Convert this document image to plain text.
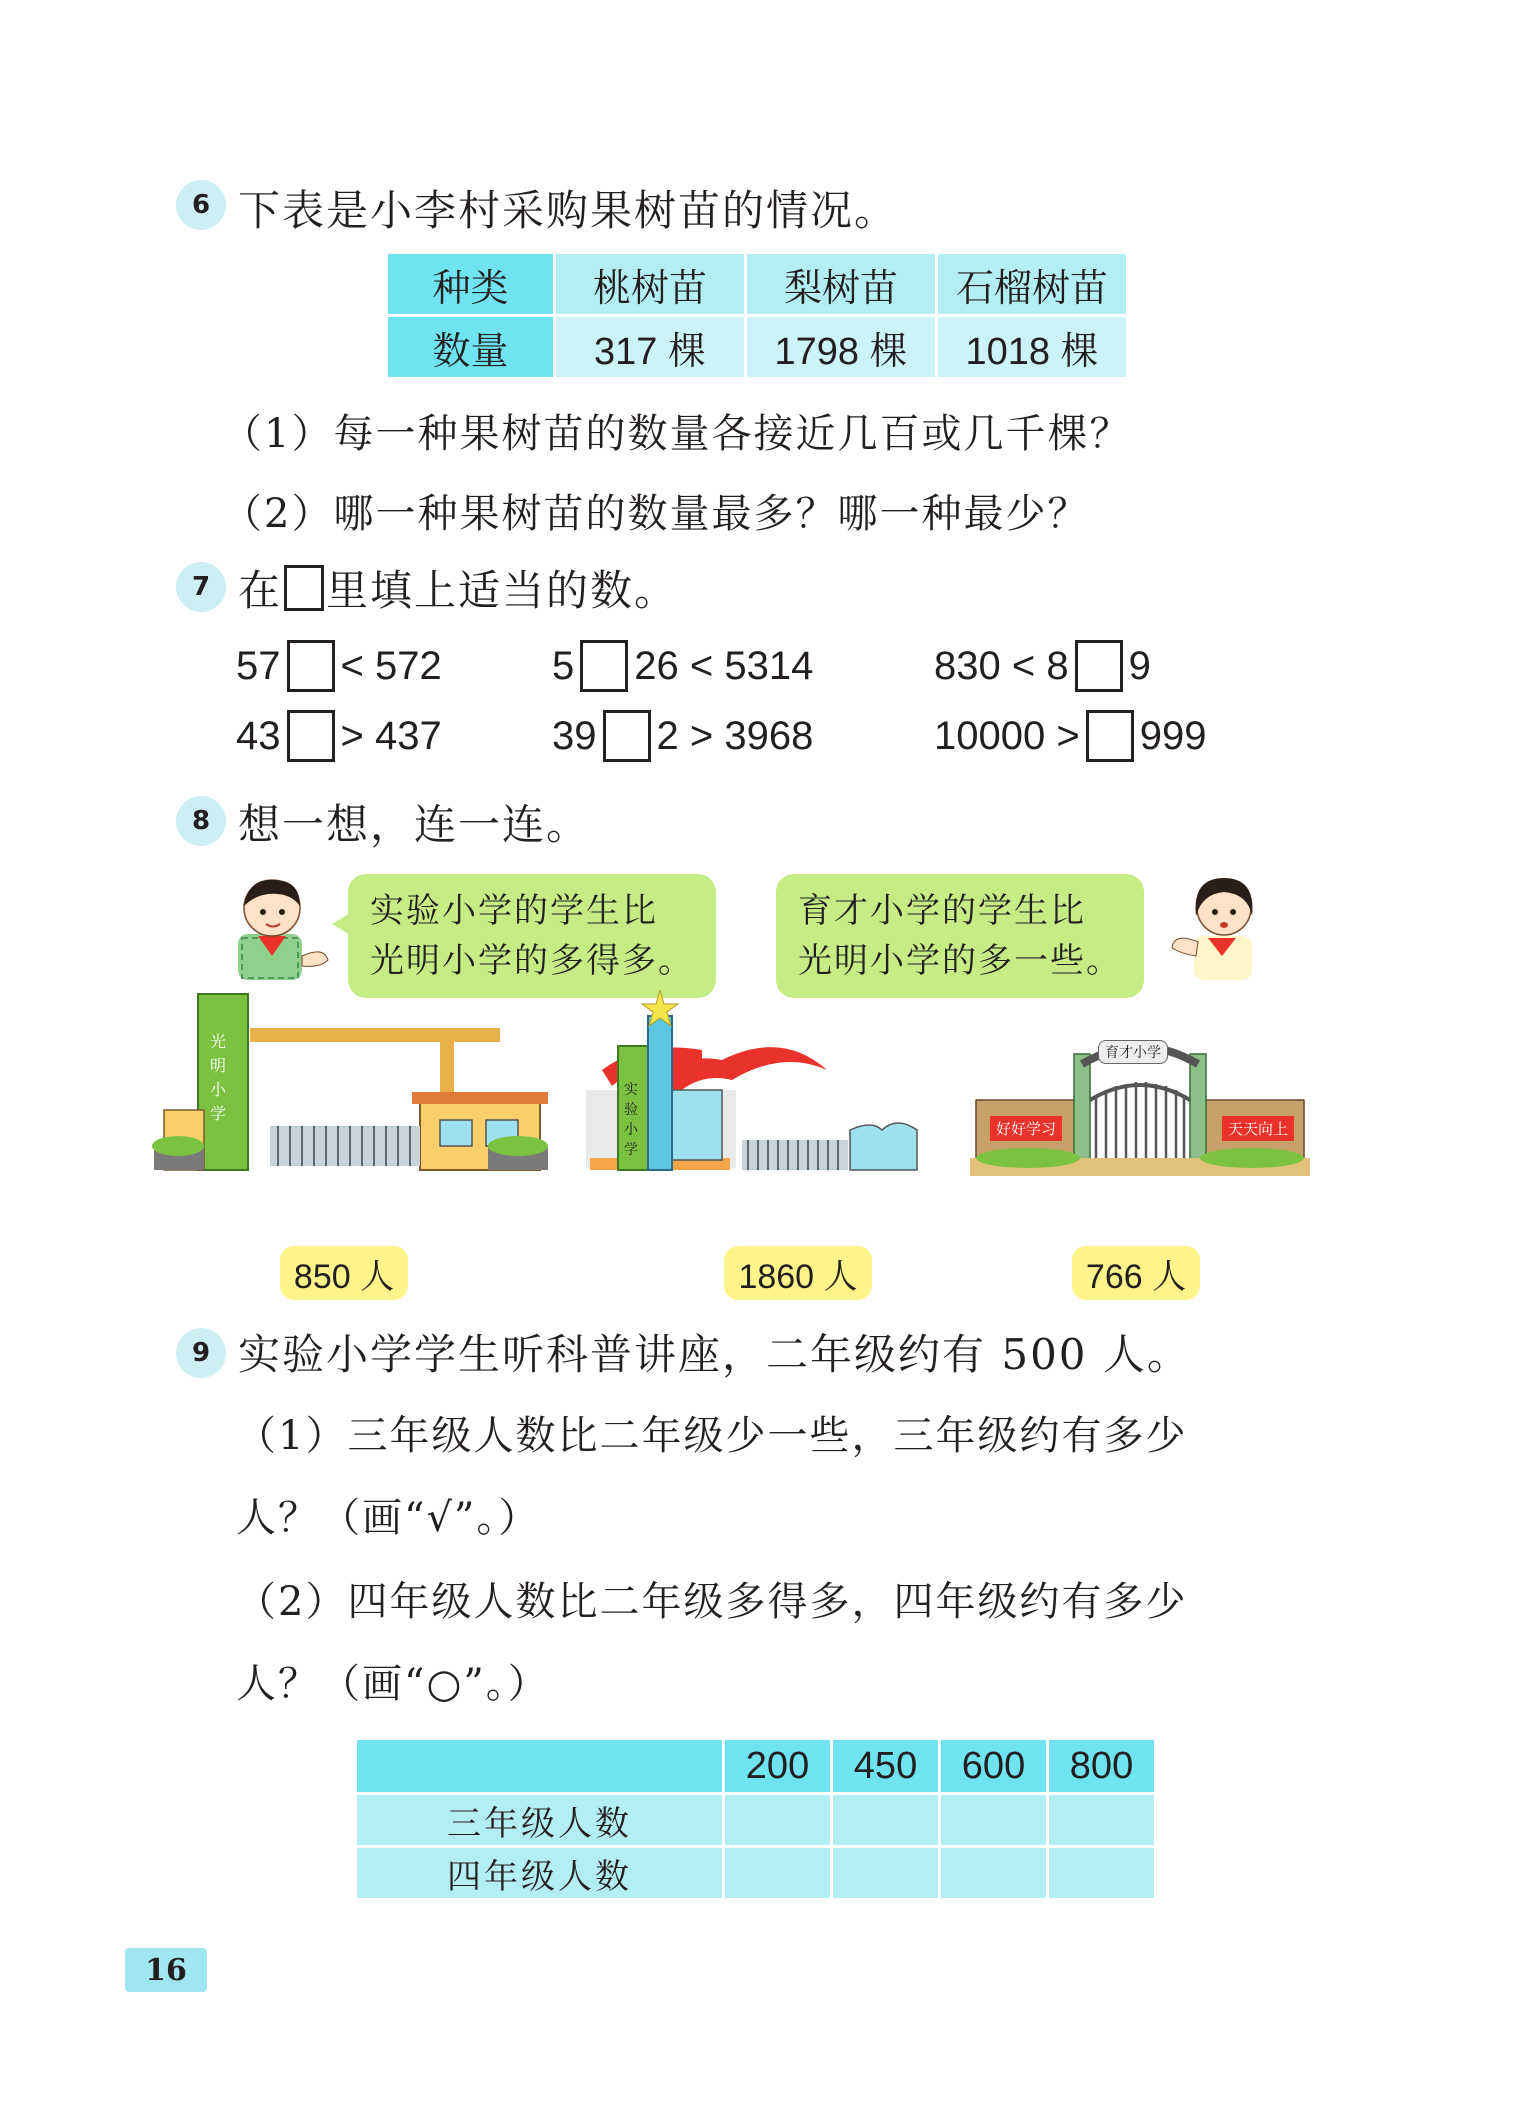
6 下表是小李村采购果树苗的情况。
种类	桃树苗	梨树苗	石榴树苗
数量	317 棵	1798 棵	1018 棵
（1）每一种果树苗的数量各接近几百或几千棵？
（2）哪一种果树苗的数量最多？哪一种最少？
7 在 里填上适当的数。
57 < 572	5 26 < 5314	830 < 8 9
43 > 437	39 2 > 3968	10000 > 999
8 想一想，连一连。
实验小学的学生比
光明小学的多得多。
育才小学的学生比
光明小学的多一些。
光明小学
实验小学
育才小学
好好学习	天天向上
850 人	1860 人	766 人
9 实验小学学生听科普讲座，二年级约有 500 人。
（1）三年级人数比二年级少一些，三年级约有多少
人？（画“√”。）
（2）四年级人数比二年级多得多，四年级约有多少
人？（画“○”。）
	200	450	600	800
三年级人数				
四年级人数				
16
